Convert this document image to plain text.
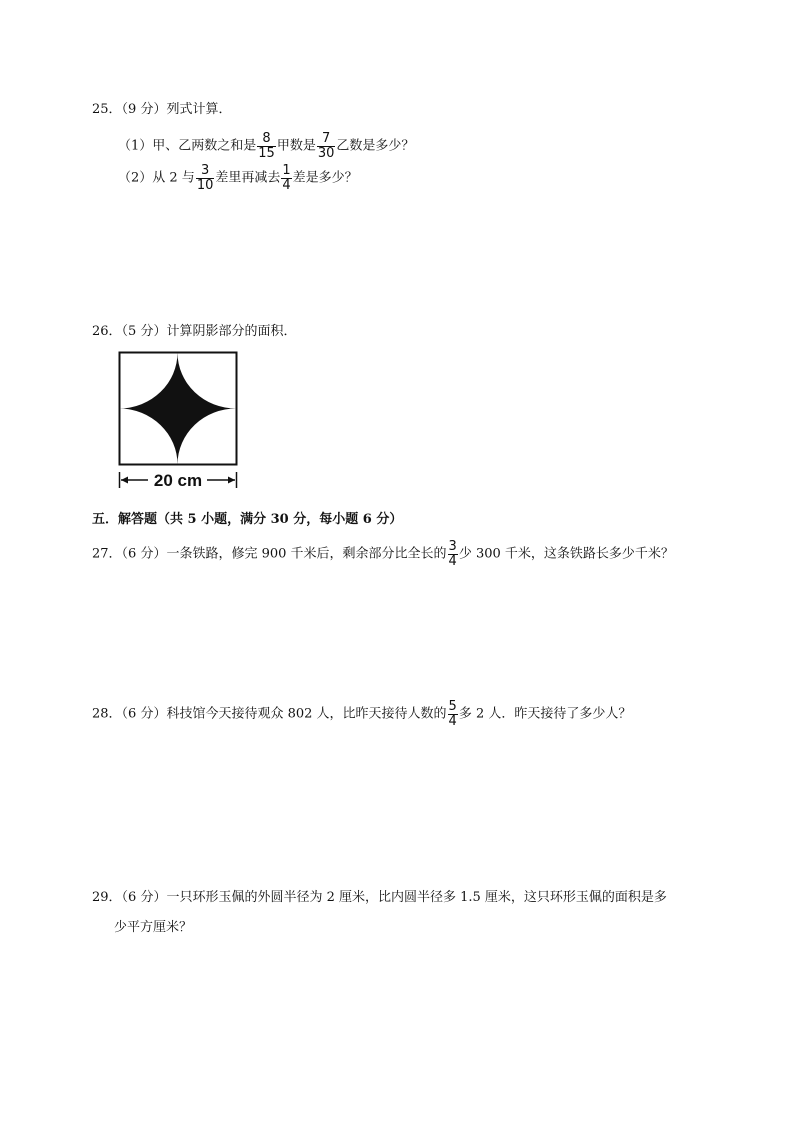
25．（9 分）列式计算．
（1）甲、乙两数之和是 $\frac{8}{15}$ 甲数是 $\frac{7}{30}$ 乙数是多少？
（2）从 2 与 $\frac{3}{10}$ 差里再减去 $\frac{1}{4}$ 差是多少？
26．（5 分）计算阴影部分的面积．
20 cm
五．解答题（共 5 小题，满分 30 分，每小题 6 分）
27．（6 分）一条铁路，修完 900 千米后，剩余部分比全长的 $\frac{3}{4}$ 少 300 千米，这条铁路长多少千米？
28．（6 分）科技馆今天接待观众 802 人，比昨天接待人数的 $\frac{5}{4}$ 多 2 人．昨天接待了多少人？
29．（6 分）一只环形玉佩的外圆半径为 2 厘米，比内圆半径多 1.5 厘米，这只环形玉佩的面积是多
少平方厘米？
